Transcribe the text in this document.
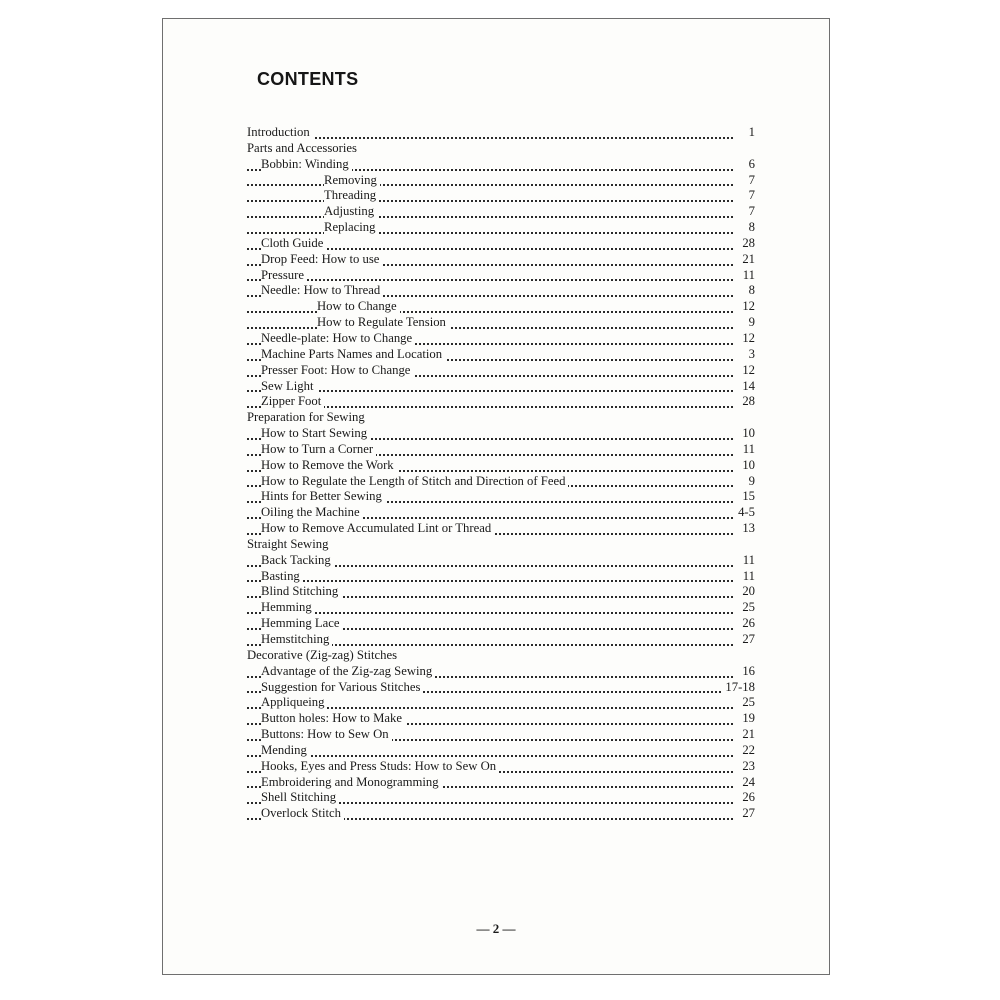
CONTENTS
Introduction	1
Parts and Accessories
Bobbin: Winding	6
Removing	7
Threading	7
Adjusting	7
Replacing	8
Cloth Guide	28
Drop Feed: How to use	21
Pressure	11
Needle: How to Thread	8
How to Change	12
How to Regulate Tension	9
Needle-plate: How to Change	12
Machine Parts Names and Location	3
Presser Foot: How to Change	12
Sew Light	14
Zipper Foot	28
Preparation for Sewing
How to Start Sewing	10
How to Turn a Corner	11
How to Remove the Work	10
How to Regulate the Length of Stitch and Direction of Feed	9
Hints for Better Sewing	15
Oiling the Machine	4-5
How to Remove Accumulated Lint or Thread	13
Straight Sewing
Back Tacking	11
Basting	11
Blind Stitching	20
Hemming	25
Hemming Lace	26
Hemstitching	27
Decorative (Zig-zag) Stitches
Advantage of the Zig-zag Sewing	16
Suggestion for Various Stitches	17-18
Appliqueing	25
Button holes: How to Make	19
Buttons: How to Sew On	21
Mending	22
Hooks, Eyes and Press Studs: How to Sew On	23
Embroidering and Monogramming	24
Shell Stitching	26
Overlock Stitch	27
— 2 —
